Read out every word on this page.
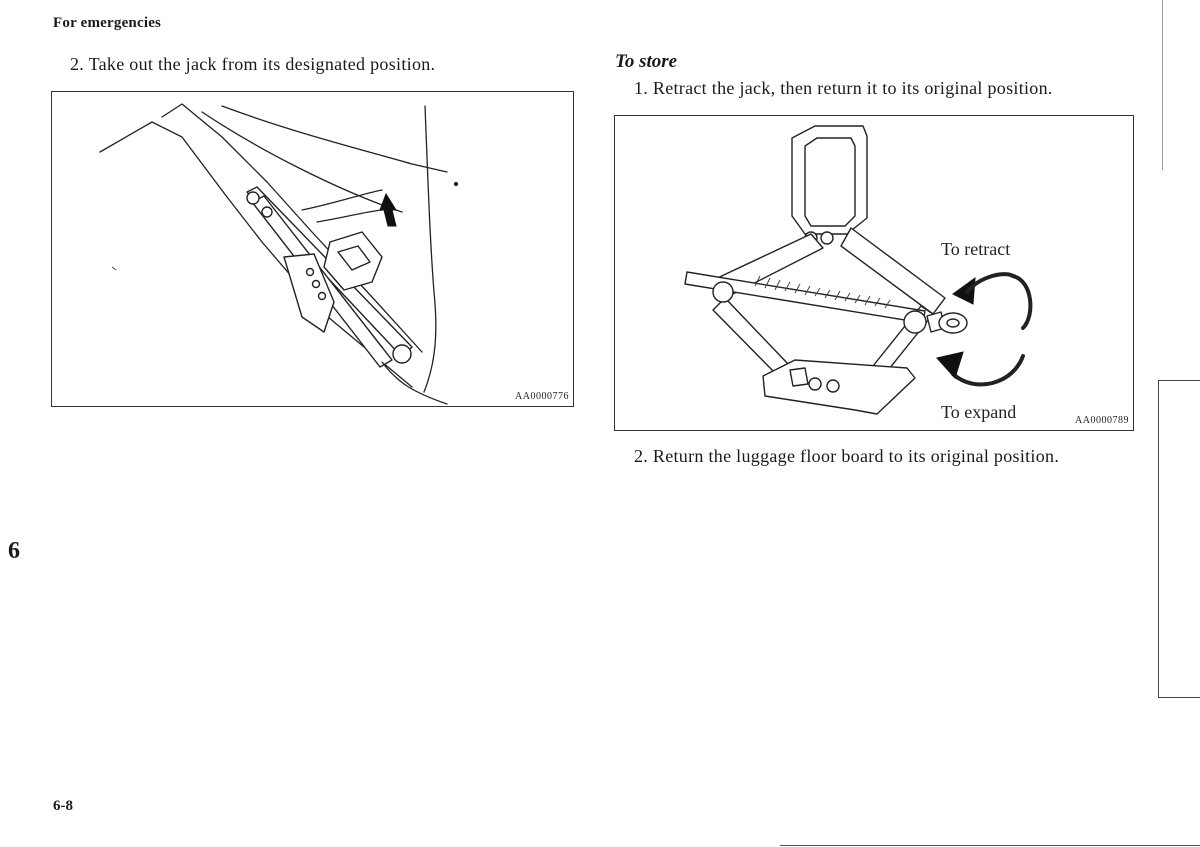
For emergencies
2. Take out the jack from its designated position.
AA0000776
To store
1. Retract the jack, then return it to its original position.
To retract
To expand	AA0000789
2. Return the luggage floor board to its original position.
6
6-8
